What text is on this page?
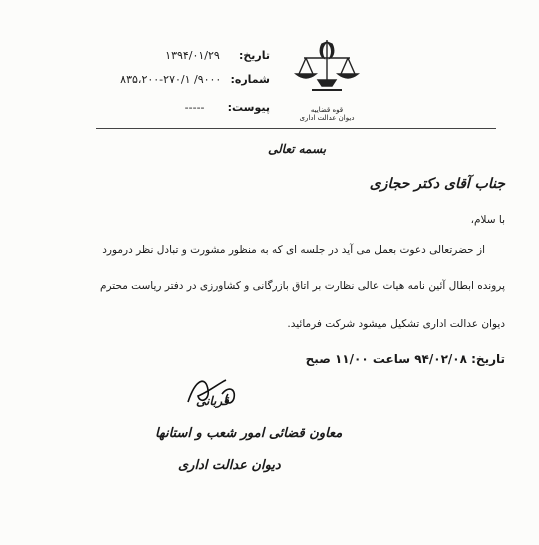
تاریخ: ۱۳۹۴/۰۱/۲۹
شماره: ۹۰۰۰/ ۲۷۰/۱-۸۳۵،۲۰۰
پیوست: -----	قوه قضاییه
دیوان عدالت اداری
بسمه تعالی
جناب آقای دکتر حجازی
با سلام،
از حضرتعالی دعوت بعمل می آید در جلسه ای که به منظور مشورت و تبادل نظر درمورد
پرونده ابطال آئین نامه هیات عالی نظارت بر اتاق بازرگانی و کشاورزی در دفتر ریاست محترم
دیوان عدالت اداری تشکیل میشود شرکت فرمائید.
تاریخ: ۹۴/۰۲/۰۸ ساعت ۱۱/۰۰ صبح
قربانی
معاون قضائی امور شعب و استانها
دیوان عدالت اداری
